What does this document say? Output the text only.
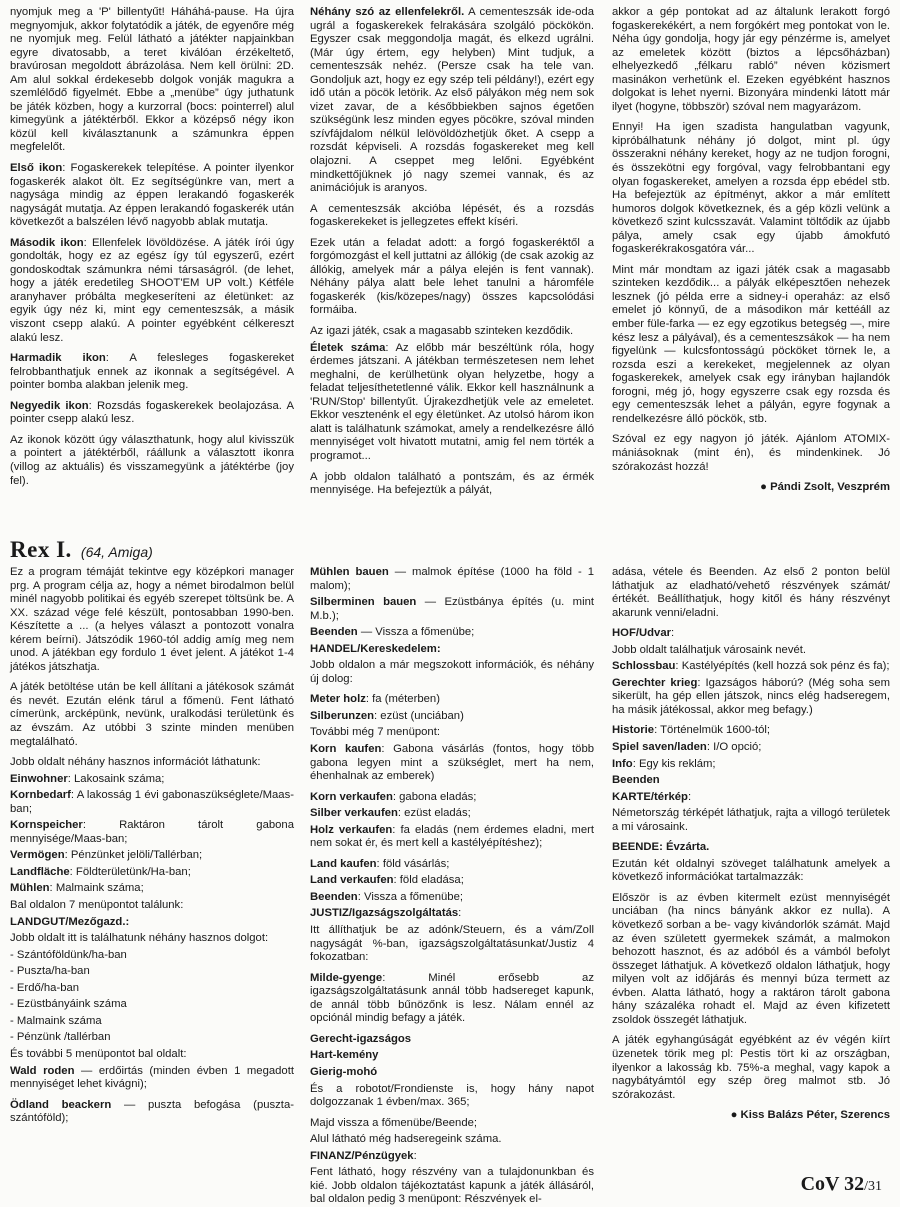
nyomjuk meg a 'P' billentyűt! Háháhá-pause. Ha újra megnyomjuk, akkor folytatódik a játék, de egyenőre még ne nyomjuk meg. Felül látható a játékter napjainkban egyre divatosabb, a teret kiválóan érzékeltető, bravúrosan megoldott ábrázolása. Nem kell örülni: 2D. Am alul sokkal érdekesebb dolgok vonják magukra a szemlélődő figyelmét. Ebbe a „menübe” úgy juthatunk be játék közben, hogy a kurzorral (bocs: pointerrel) alul kimegyünk a játéktérből. Ekkor a középső négy ikon közül kell kiválasztanunk a számunkra éppen megfelelőt.

Első ikon: Fogaskerekek telepítése. A pointer ilyenkor fogaskerék alakot ölt. Ez segítségünkre van, mert a nagysága mindig az éppen lerakandó fogaskerék nagyságát mutatja. Az éppen lerakandó fogaskerék után következőt a balszélen lévő nagyobb ablak mutatja.

Második ikon: Ellenfelek lövöldözése. A játék írói úgy gondolták, hogy ez az egész így túl egyszerű, ezért gondoskodtak számunkra némi társaságról. (de lehet, hogy a játék eredetileg SHOOT'EM UP volt.) Kétféle aranyhaver próbálta megkeseríteni az életünket: az egyik úgy néz ki, mint egy cementeszsák, a másik viszont csepp alakú. A pointer egyébként célkereszt alakú lesz.

Harmadik ikon: A felesleges fogaskereket felrobbanthatjuk ennek az ikonnak a segítségével. A pointer bomba alakban jelenik meg.

Negyedik ikon: Rozsdás fogaskerekek beolajozása. A pointer csepp alakú lesz.

Az ikonok között úgy választhatunk, hogy alul kivisszük a pointert a játéktérből, ráállunk a választott ikonra (villog az aktuális) és visszamegyünk a játéktérbe (joy fel).

Néhány szó az ellenfelekről. A cementeszsák ide-oda ugrál a fogaskerekek felrakására szolgáló pöckökön. Egyszer csak meggondolja magát, és elkezd ugrálni. (Már úgy értem, egy helyben) Mint tudjuk, a cementeszsák nehéz. (Persze csak ha tele van. Gondoljuk azt, hogy ez egy szép teli példány!), ezért egy idő után a pöcök letörik. Az első pályákon még nem sok vizet zavar, de a későbbiekben sajnos égetően szükségünk lesz minden egyes pöcökre, szóval minden szívfájdalom nélkül lelövöldözhetjük őket. A csepp a rozsdát képviseli. A rozsdás fogaskereket meg kell olajozni. A cseppet meg lelőni. Egyébként mindkettőjüknek jó nagy szemei vannak, és az animációjuk is aranyos.

A cementeszsák akcióba lépését, és a rozsdás fogaskerekeket is jellegzetes effekt kíséri.

Ezek után a feladat adott: a forgó fogaskeréktől a forgómozgást el kell juttatni az állókig (de csak azokig az állókig, amelyek már a pálya elején is fent vannak). Néhány pálya alatt bele lehet tanulni a háromféle fogaskerék (kis/közepes/nagy) összes kapcsolódási formáiba.

Az igazi játék, csak a magasabb szinteken kezdődik.

Életek száma: Az előbb már beszéltünk róla, hogy érdemes játszani. A játékban természetesen nem lehet meghalni, de kerülhetünk olyan helyzetbe, hogy a feladat teljesíthetetlenné válik. Ekkor kell használnunk a 'RUN/Stop' billentyűt. Újrakezdhetjük vele az emeletet. Ekkor vesztenénk el egy életünket. Az utolsó három ikon alatt is találhatunk számokat, amely a rendelkezésre álló mennyiséget volt hivatott mutatni, amig fel nem törték a programot...

A jobb oldalon található a pontszám, és az érmék mennyisége. Ha befejeztük a pályát,

akkor a gép pontokat ad az általunk lerakott forgó fogaskerekékért, a nem forgókért meg pontokat von le. Néha úgy gondolja, hogy jár egy pénzérme is, amelyet az emeletek között (biztos a lépcsőházban) elhelyezkedő „félkaru rabló” néven közismert masinákon verhetünk el. Ezeken egyébként hasznos dolgokat is lehet nyerni. Bizonyára mindenki látott már ilyet (hogyne, többször) szóval nem magyarázom.

Ennyi! Ha igen szadista hangulatban vagyunk, kipróbálhatunk néhány jó dolgot, mint pl. úgy összerakni néhány kereket, hogy az ne tudjon forogni, és összekötni egy forgóval, vagy felrobbantani egy olyan fogaskereket, amelyen a rozsda épp ebédel stb. Ha befejeztük az építményt, akkor a már említett humoros dolgok következnek, és a gép közli velünk a következő szint kulcsszavát. Valamint töltődik az újabb pálya, amely csak egy újabb ámokfutó fogaskerékrakosgatóra vár...

Mint már mondtam az igazi játék csak a magasabb szinteken kezdődik... a pályák elképesztően nehezek lesznek (jó példa erre a sidney-i operaház: az első emelet jó könnyű, de a másodikon már kettéáll az ember füle-farka — ez egy egzotikus betegség —, mire kész lesz a pályával), és a cementeszsákok — ha nem figyelünk — kulcsfontosságú pöcköket törnek le, a rozsda eszi a kerekeket, megjelennek az olyan fogaskerekek, amelyek csak egy irányban hajlandók forogni, még jó, hogy egyszerre csak egy rozsda és egy cementeszsák lehet a pályán, egyre fogynak a rendelkezésre álló pöckök, stb.

Szóval ez egy nagyon jó játék. Ajánlom ATOMIX-mániásoknak (mint én), és mindenkinek. Jó szórakozást hozzá!

● Pándi Zsolt, Veszprém

Rex I. (64, Amiga)

Ez a program témáját tekintve egy középkori manager prg. A program célja az, hogy a német birodalmon belül minél nagyobb politikai és egyéb szerepet töltsünk be. A XX. század vége felé készült, pontosabban 1990-ben. Készítette a ... (a helyes választ a pontozott vonalra kérem beírni). Játszódik 1960-tól addig amíg meg nem unod. A játékban egy fordulo 1 évet jelent. A játékot 1-4 játékos játszhatja.

A játék betöltése után be kell állítani a játékosok számát és nevét. Ezután elénk tárul a főmenü. Fent látható címerünk, arcképünk, nevünk, uralkodási területünk és az évszám. Az utóbbi 3 szinte minden menüben megtalálható.

Jobb oldalt néhány hasznos információt láthatunk:

Einwohner: Lakosaink száma;

Kornbedarf: A lakosság 1 évi gabonaszükséglete/Maas-ban;

Kornspeicher: Raktáron tárolt gabona mennyisége/Maas-ban;

Vermögen: Pénzünket jelöli/Tallérban;

Landfläche: Földterületünk/Ha-ban;

Mühlen: Malmaink száma;

Bal oldalon 7 menüpontot találunk:

LANDGUT/Mezőgazd.:

Jobb oldalt itt is találhatunk néhány hasznos dolgot:

- Szántóföldünk/ha-ban

- Puszta/ha-ban

- Erdő/ha-ban

- Ezüstbányáink száma

- Malmaink száma

- Pénzünk /tallérban

És további 5 menüpontot bal oldalt:

Wald roden — erdőirtás (minden évben 1 megadott mennyiséget lehet kivágni);

Ödland beackern — puszta befogása (puszta-szántóföld);

Mühlen bauen — malmok építése (1000 ha föld - 1 malom);

Silberminen bauen — Ezüstbánya építés (u. mint M.b.);

Beenden — Vissza a főmenübe;

HANDEL/Kereskedelem:

Jobb oldalon a már megszokott információk, és néhány új dolog:

Meter holz: fa (méterben)

Silberunzen: ezüst (unciában)

További még 7 menüpont:

Korn kaufen: Gabona vásárlás (fontos, hogy több gabona legyen mint a szükséglet, mert ha nem, éhenhalnak az emberek)

Korn verkaufen: gabona eladás;

Silber verkaufen: ezüst eladás;

Holz verkaufen: fa eladás (nem érdemes eladni, mert nem sokat ér, és mert kell a kastélyépítéshez);

Land kaufen: föld vásárlás;

Land verkaufen: föld eladása;

Beenden: Vissza a főmenübe;

JUSTIZ/Igazságszolgáltatás:

Itt állíthatjuk be az adónk/Steuern, és a vám/Zoll nagyságát %-ban, igazságszolgáltatásunkat/Justiz 4 fokozatban:

Milde-gyenge: Minél erősebb az igazságszolgáltatásunk annál több hadsereget kapunk, de annál több bűnözőnk is lesz. Nálam ennél az opciónál mindig befagy a játék.

Gerecht-igazságos

Hart-kemény

Gierig-mohó

És a robotot/Frondienste is, hogy hány napot dolgozzanak 1 évben/max. 365;

Majd vissza a főmenübe/Beende;

Alul látható még hadseregeink száma.

FINANZ/Pénzügyek:

Fent látható, hogy részvény van a tulajdonunkban és kié. Jobb oldalon tájékoztatást kapunk a játék állásáról, bal oldalon pedig 3 menüpont: Részvények el-

adása, vétele és Beenden. Az első 2 ponton belül láthatjuk az eladható/vehető részvények számát/értékét. Beállíthatjuk, hogy kitől és hány részvényt akarunk venni/eladni.

HOF/Udvar:

Jobb oldalt találhatjuk városaink nevét.

Schlossbau: Kastélyépítés (kell hozzá sok pénz és fa);

Gerechter krieg: Igazságos háború? (Még soha sem sikerült, ha gép ellen játszok, nincs elég hadseregem, ha másik játékossal, akkor meg befagy.)

Historie: Történelmük 1600-tól;

Spiel saven/laden: I/O opció;

Info: Egy kis reklám;

Beenden

KARTE/térkép:

Németország térképét láthatjuk, rajta a villogó területek a mi városaink.

BEENDE: Évzárta.

Ezután két oldalnyi szöveget találhatunk amelyek a következő információkat tartalmazzák:

Először is az évben kitermelt ezüst mennyiségét unciában (ha nincs bányánk akkor ez nulla). A következő sorban a be- vagy kivándorlók számát. Majd az éven született gyermekek számát, a malmokon behozott hasznot, és az adóból és a vámból befolyt összeget láthatjuk. A következő oldalon láthatjuk, hogy milyen volt az időjárás és mennyi búza termett az évben. Alatta látható, hogy a raktáron tárolt gabona hány százaléka rohadt el. Majd az éven kifizetett zsoldok összegét láthatjuk.

A játék egyhangúságát egyébként az év végén kiírt üzenetek törik meg pl: Pestis tört ki az országban, ilyenkor a lakosság kb. 75%-a meghal, vagy kapok a nagybátyámtól egy szép öreg malmot stb. Jó szórakozást.

● Kiss Balázs Péter, Szerencs

CoV 32/31
